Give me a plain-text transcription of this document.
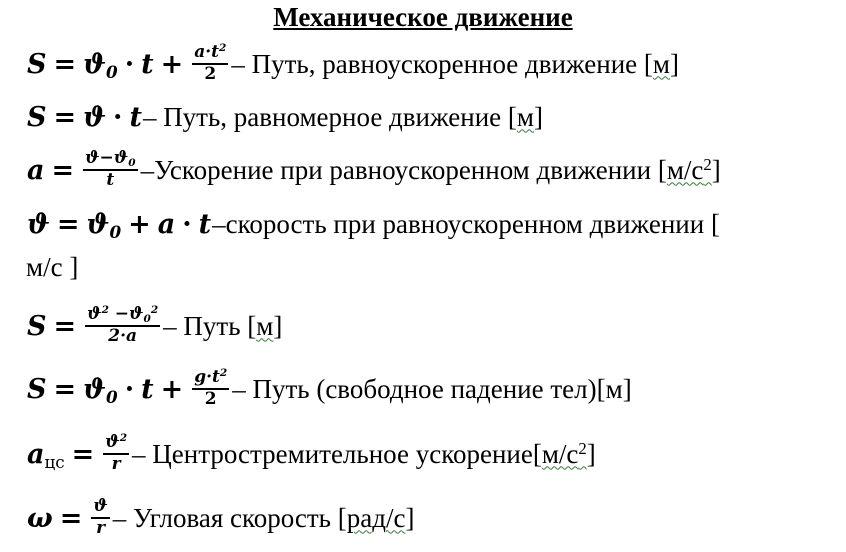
Механическое движение
$S = ϑ_0 \cdot t + \frac{a\cdot t^2}{2}$ – Путь, равноускоренное движение [ м ]
S = ϑ · t – Путь, равномерное движение [ м ]
$a = \frac{ϑ-ϑ_0}{t}$ –Ускорение при равноускоренном движении [ $м/с^2$ ]
$ϑ = ϑ_0 + a \cdot t$ –скорость при равноускоренном движении [
м/с ]
$S = \frac{ϑ^2 -ϑ_0^2}{2\cdot a}$ – Путь [ м ]
$S = ϑ_0 \cdot t + \frac{g\cdot t^2}{2}$ – Путь (свободное падение тел)[ м ]
$a_{цс} = \frac{ϑ^2}{r}$ – Центростремительное ускорение[ $м/с^2$ ]
$\omega = \frac{ϑ}{r}$ – Угловая скорость [ рад/с ]
